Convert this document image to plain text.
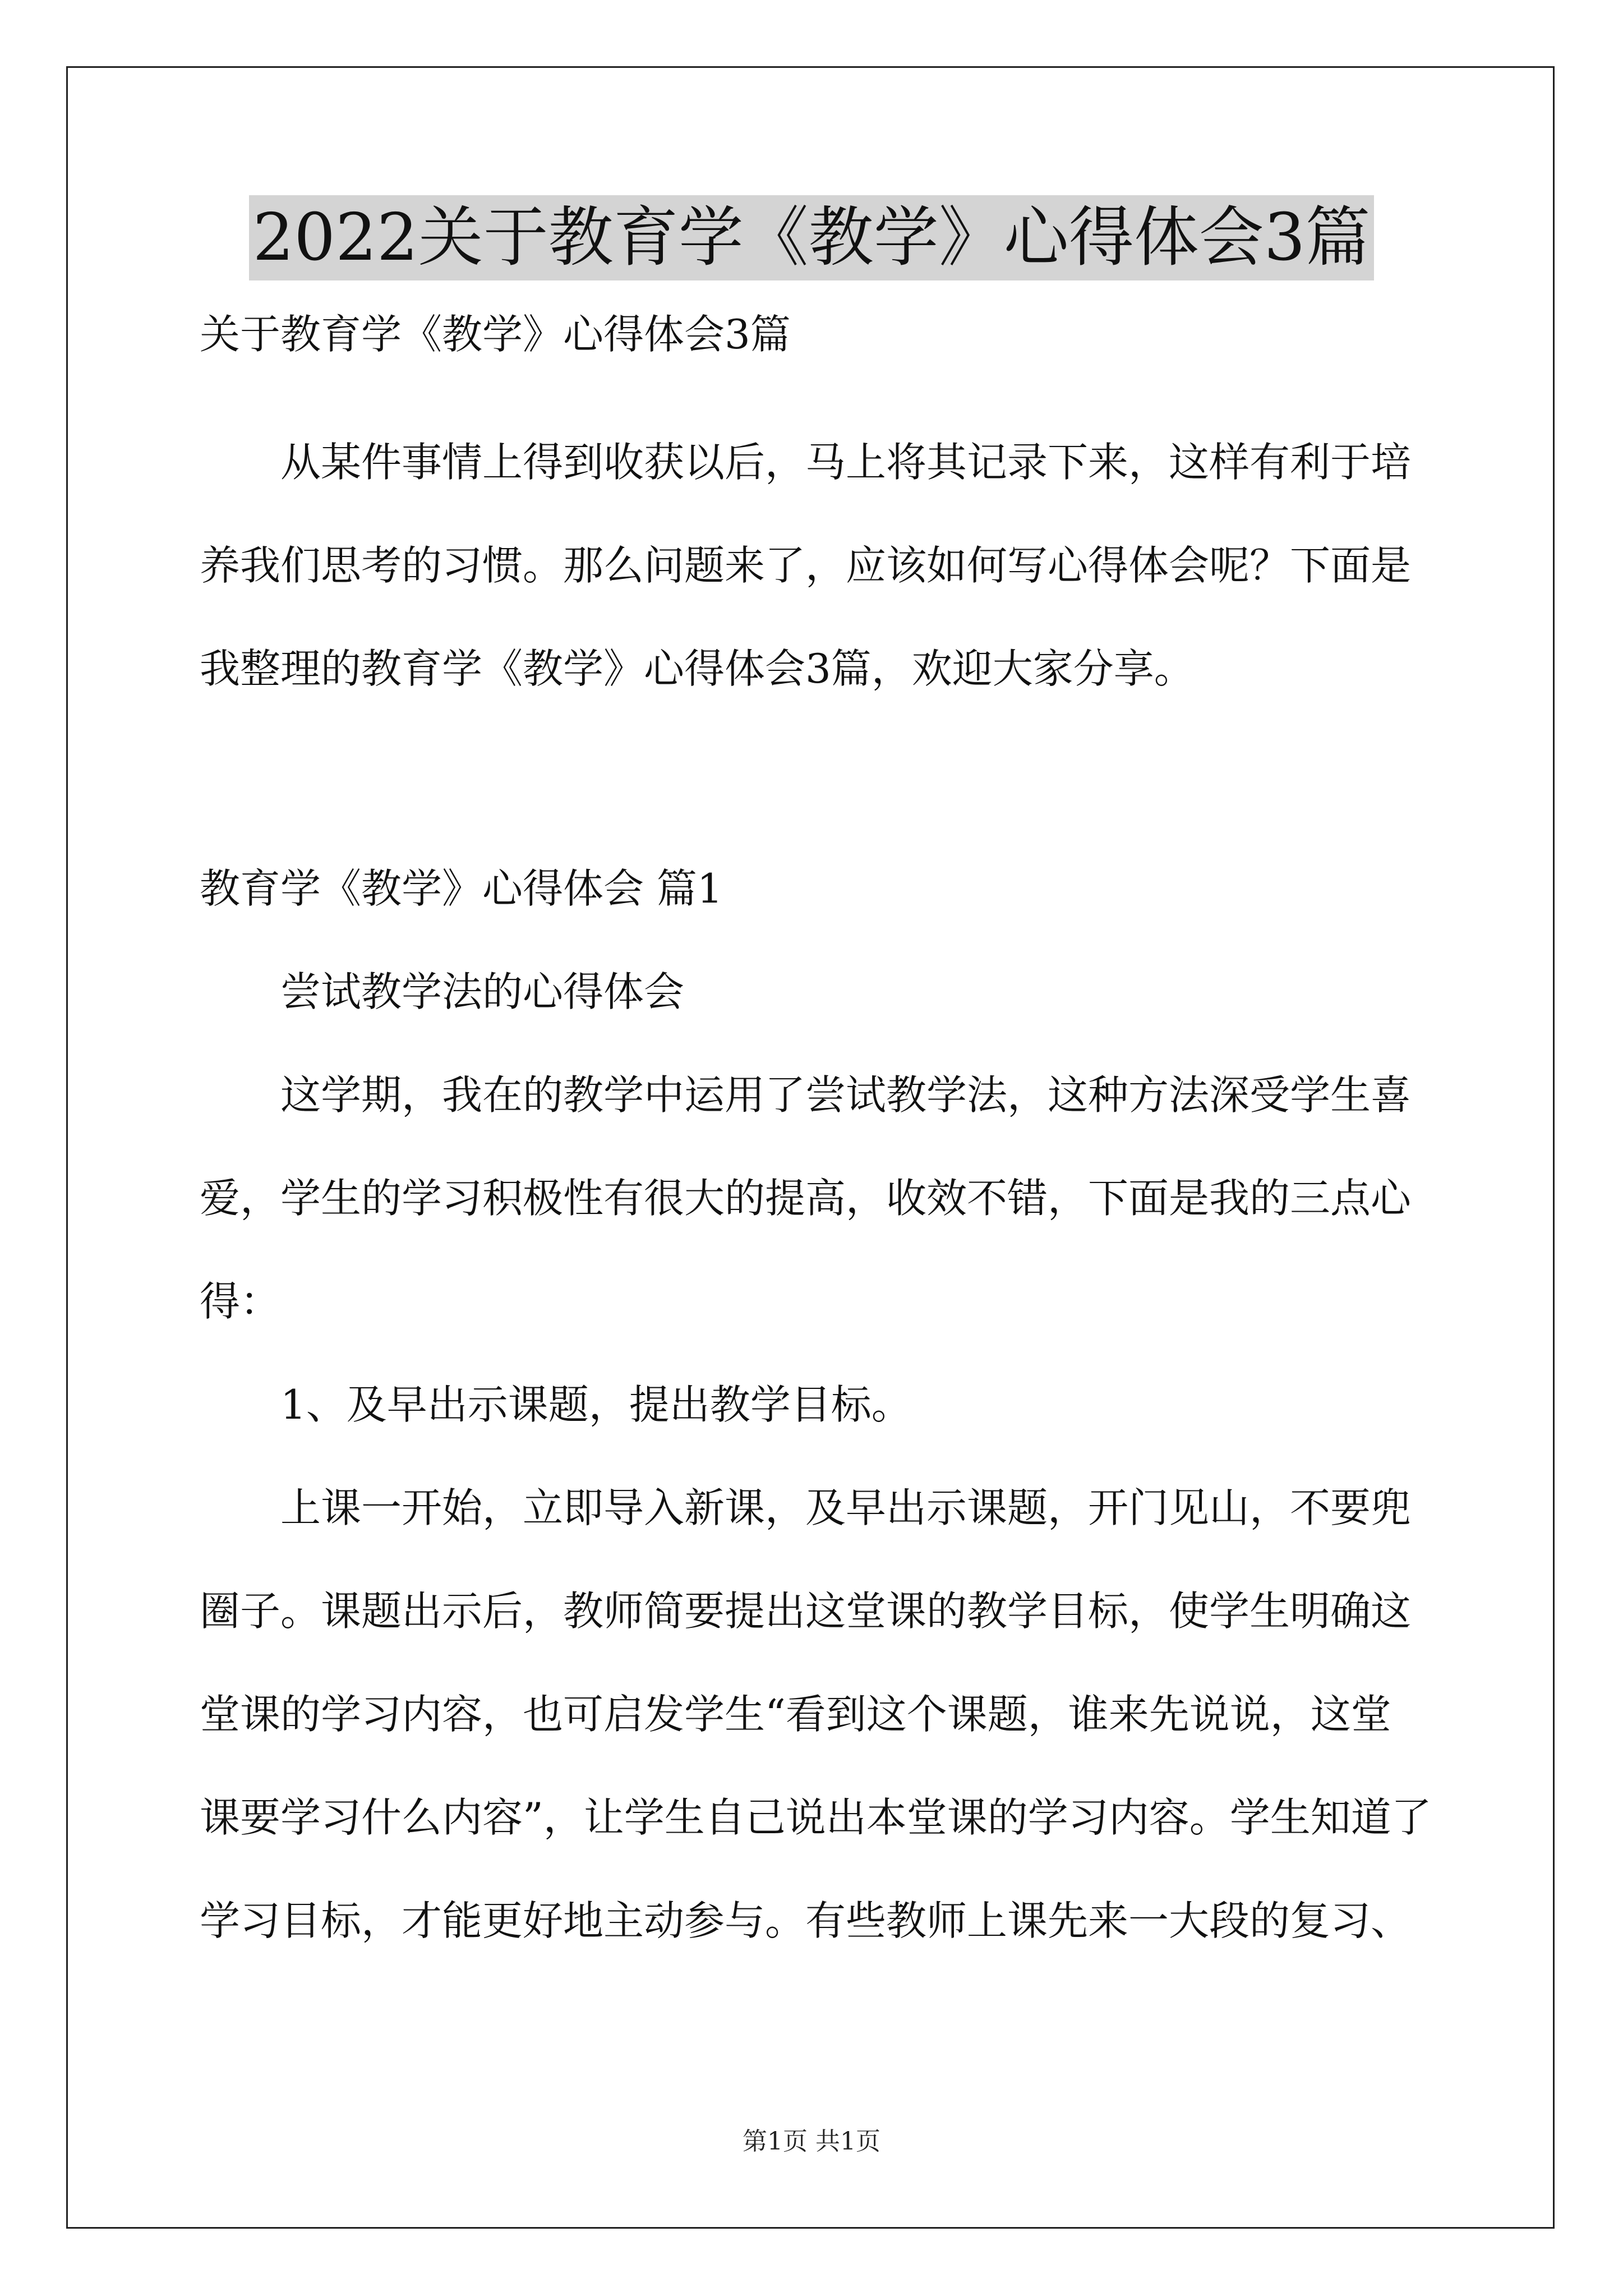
2022关于教育学《教学》心得体会3篇
关于教育学《教学》心得体会3篇
从某件事情上得到收获以后，马上将其记录下来，这样有利于培
养我们思考的习惯。那么问题来了，应该如何写心得体会呢？下面是
我整理的教育学《教学》心得体会3篇，欢迎大家分享。
教育学《教学》心得体会 篇1
尝试教学法的心得体会
这学期，我在的教学中运用了尝试教学法，这种方法深受学生喜
爱，学生的学习积极性有很大的提高，收效不错，下面是我的三点心
得：
1、及早出示课题，提出教学目标。
上课一开始，立即导入新课，及早出示课题，开门见山，不要兜
圈子。课题出示后，教师简要提出这堂课的教学目标，使学生明确这
堂课的学习内容，也可启发学生“看到这个课题，谁来先说说，这堂
课要学习什么内容”，让学生自己说出本堂课的学习内容。学生知道了
学习目标，才能更好地主动参与。有些教师上课先来一大段的复习、
第1页 共1页
